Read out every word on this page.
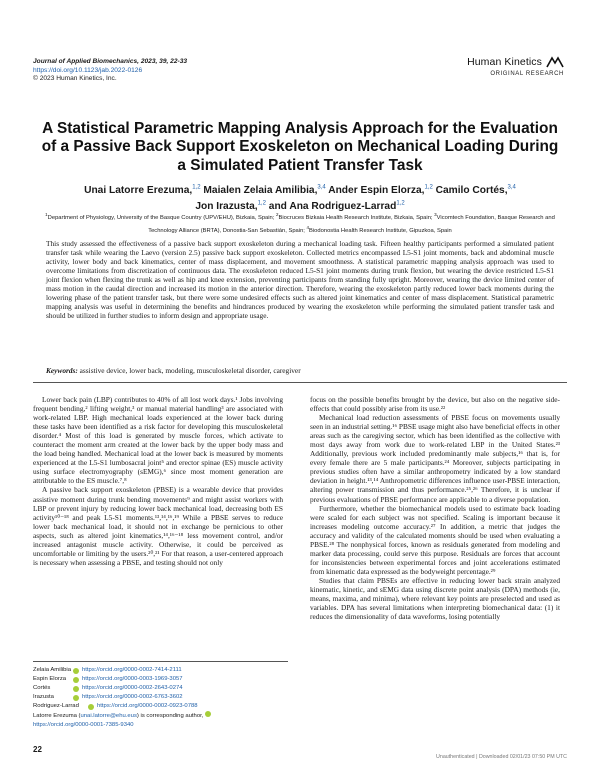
Journal of Applied Biomechanics, 2023, 39, 22-33
https://doi.org/10.1123/jab.2022-0126
© 2023 Human Kinetics, Inc.
Human Kinetics
ORIGINAL RESEARCH
A Statistical Parametric Mapping Analysis Approach for the Evaluation of a Passive Back Support Exoskeleton on Mechanical Loading During a Simulated Patient Transfer Task
Unai Latorre Erezuma,$^{1,2}$ Maialen Zelaia Amilibia,$^{3,4}$ Ander Espin Elorza,$^{1,2}$ Camilo Cortés,$^{3,4}$
Jon Irazusta,$^{1,2}$ and Ana Rodriguez-Larrad$^{1,2}$
$^1$Department of Physiology, University of the Basque Country (UPV/EHU), Bizkaia, Spain; $^2$Biocruces Bizkaia Health Research Institute, Bizkaia, Spain; $^3$Vicomtech Foundation, Basque Research and Technology Alliance (BRTA), Donostia-San Sebastián, Spain; $^4$Biodonostia Health Research Institute, Gipuzkoa, Spain
This study assessed the effectiveness of a passive back support exoskeleton during a mechanical loading task. Fifteen healthy participants performed a simulated patient transfer task while wearing the Laevo (version 2.5) passive back support exoskeleton. Collected metrics encompassed L5-S1 joint moments, back and abdominal muscle activity, lower body and back kinematics, center of mass displacement, and movement smoothness. A statistical parametric mapping analysis approach was used to overcome limitations from discretization of continuous data. The exoskeleton reduced L5-S1 joint moments during trunk flexion, but wearing the device restricted L5-S1 joint flexion when flexing the trunk as well as hip and knee extension, preventing participants from standing fully upright. Moreover, wearing the device limited center of mass motion in the caudal direction and increased its motion in the anterior direction. Therefore, wearing the exoskeleton partly reduced lower back moments during the lowering phase of the patient transfer task, but there were some undesired effects such as altered joint kinematics and center of mass displacement. Statistical parametric mapping analysis was useful in determining the benefits and hindrances produced by wearing the exoskeleton while performing the simulated patient transfer task and should be utilized in further studies to inform design and appropriate usage.
Keywords: assistive device, lower back, modeling, musculoskeletal disorder, caregiver

Lower back pain (LBP) contributes to 40% of all lost work days.¹ Jobs involving frequent bending,² lifting weight,³ or manual material handling³ are associated with work-related LBP. High mechanical loads experienced at the lower back during these tasks have been identified as a risk factor for developing this musculoskeletal disorder.⁴ Most of this load is generated by muscle forces, which activate to counteract the moment arm created at the lower back by the upper body mass and the load being handled. Mechanical load at the lower back is measured by moments experienced at the L5-S1 lumbosacral joint⁵ and erector spinae (ES) muscle activity using surface electromyography (sEMG),⁶ since most moment generation are attributable to the ES muscle.⁷,⁸

A passive back support exoskeleton (PBSE) is a wearable device that provides assistive moment during trunk bending movements⁹ and might assist workers with LBP or prevent injury by reducing lower back mechanical load, decreasing both ES activity¹⁰⁻¹⁸ and peak L5-S1 moments.¹³,¹⁴,¹⁶,¹⁹ While a PBSE serves to reduce lower back mechanical load, it should not in exchange be pernicious to other aspects, such as altered joint kinematics,¹⁴,¹⁶⁻¹⁸ less movement control, and/or increased antagonist muscle activity. Otherwise, it could be perceived as uncomfortable or limiting by the users.²⁰,²¹ For that reason, a user-centered approach is necessary when assessing a PBSE, and testing should not only

focus on the possible benefits brought by the device, but also on the negative side-effects that could possibly arise from its use.²²

Mechanical load reduction assessments of PBSE focus on movements usually seen in an industrial setting.¹⁶ PBSE usage might also have beneficial effects in other areas such as the caregiving sector, which has been identified as the collective with most days away from work due to work-related LBP in the United States.²³ Additionally, previous work included predominantly male subjects,¹⁶ that is, for every female there are 5 male participants.²⁴ Moreover, subjects participating in previous studies often have a similar anthropometry indicated by a low standard deviation in height.¹³,¹⁴ Anthropometric differences influence user-PBSE interaction, altering power transmission and thus performance.²⁵,²⁶ Therefore, it is unclear if previous evaluations of PBSE performance are applicable to a diverse population.

Furthermore, whether the biomechanical models used to estimate back loading were scaled for each subject was not specified. Scaling is important because it increases modeling outcome accuracy.²⁷ In addition, a metric that judges the accuracy and validity of the calculated moments should be used when evaluating a PBSE.²⁸ The nonphysical forces, known as residuals generated from modeling and marker data processing, could serve this purpose. Residuals are forces that account for inconsistencies between experimental forces and joint accelerations estimated from kinematic data expressed as the bodyweight percentage.²⁹

Studies that claim PBSEs are effective in reducing lower back strain analyzed kinematic, kinetic, and sEMG data using discrete point analysis (DPA) methods (ie, means, maxima, and minima), where relevant key points are preselected and used as variables. DPA has several limitations when interpreting biomechanical data: (1) it reduces the dimensionality of data waveforms, losing potentially

Zelaia Amilibia	https://orcid.org/0000-0002-7414-2111
Espin Elorza	https://orcid.org/0000-0003-1969-3057
Cortés	https://orcid.org/0000-0002-2643-0274
Irazusta	https://orcid.org/0000-0002-6763-3602
Rodriguez-Larrad	https://orcid.org/0000-0002-0923-0788
Latorre Erezuma (unai.latorre@ehu.eus) is corresponding author,
https://orcid.org/0000-0001-7385-9340
22
Unauthenticated | Downloaded 02/01/23 07:50 PM UTC
